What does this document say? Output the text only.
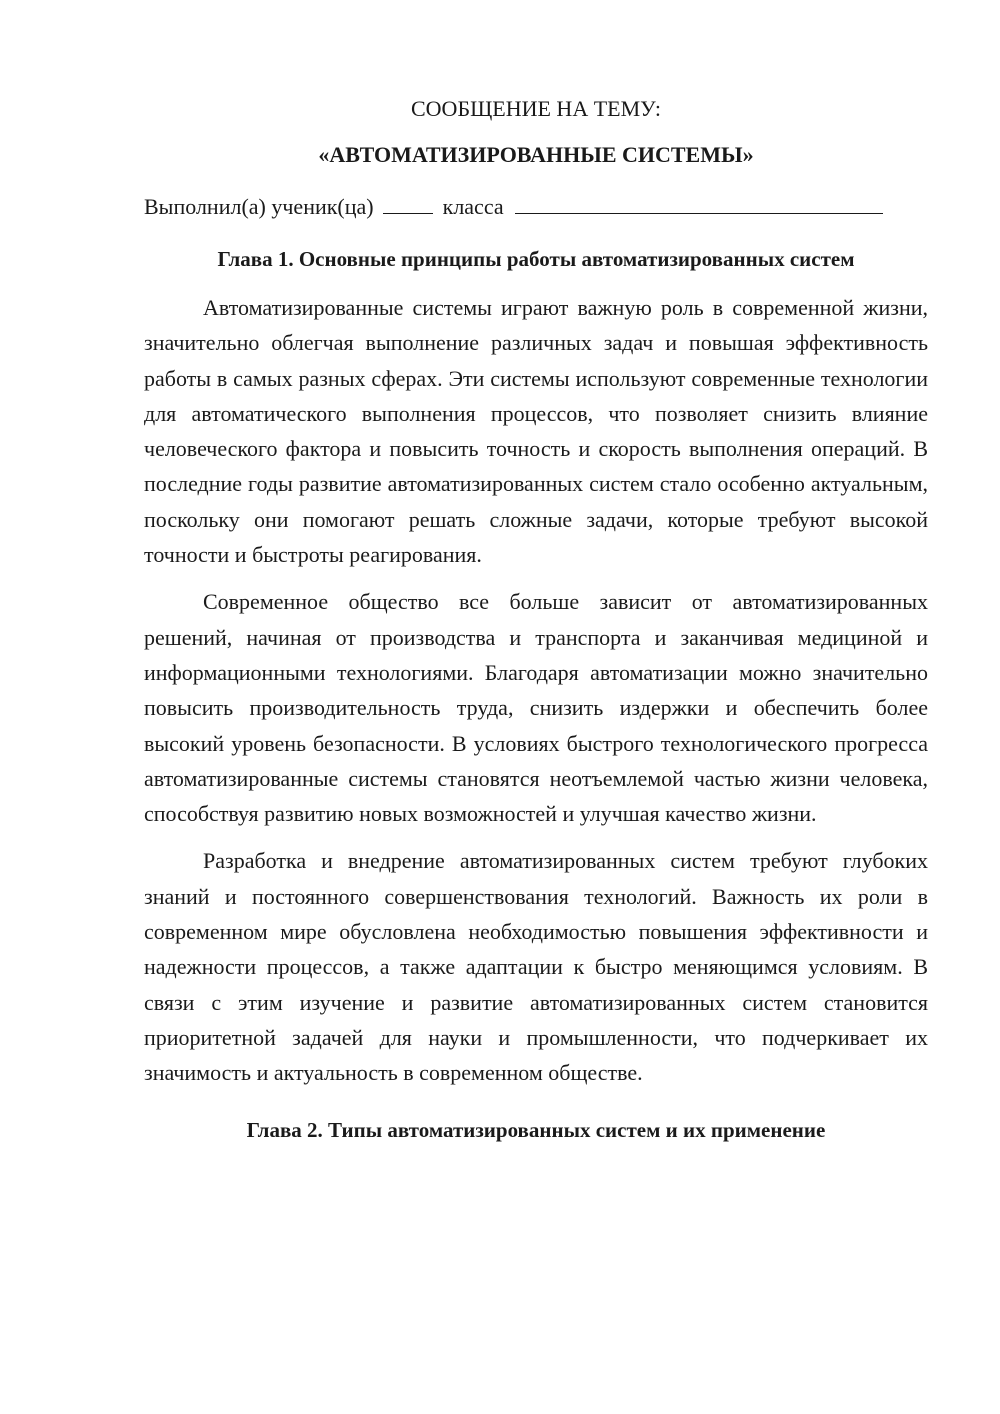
СООБЩЕНИЕ НА ТЕМУ:

«АВТОМАТИЗИРОВАННЫЕ СИСТЕМЫ»

Выполнил(а) ученик(ца)	класса

Глава 1. Основные принципы работы автоматизированных систем

Автоматизированные системы играют важную роль в современной жизни, значительно облегчая выполнение различных задач и повышая эффективность работы в самых разных сферах. Эти системы используют современные технологии для автоматического выполнения процессов, что позволяет снизить влияние человеческого фактора и повысить точность и скорость выполнения операций. В последние годы развитие автоматизированных систем стало особенно актуальным, поскольку они помогают решать сложные задачи, которые требуют высокой точности и быстроты реагирования.

Современное общество все больше зависит от автоматизированных решений, начиная от производства и транспорта и заканчивая медициной и информационными технологиями. Благодаря автоматизации можно значительно повысить производительность труда, снизить издержки и обеспечить более высокий уровень безопасности. В условиях быстрого технологического прогресса автоматизированные системы становятся неотъемлемой частью жизни человека, способствуя развитию новых возможностей и улучшая качество жизни.

Разработка и внедрение автоматизированных систем требуют глубоких знаний и постоянного совершенствования технологий. Важность их роли в современном мире обусловлена необходимостью повышения эффективности и надежности процессов, а также адаптации к быстро меняющимся условиям. В связи с этим изучение и развитие автоматизированных систем становится приоритетной задачей для науки и промышленности, что подчеркивает их значимость и актуальность в современном обществе.

Глава 2. Типы автоматизированных систем и их применение
